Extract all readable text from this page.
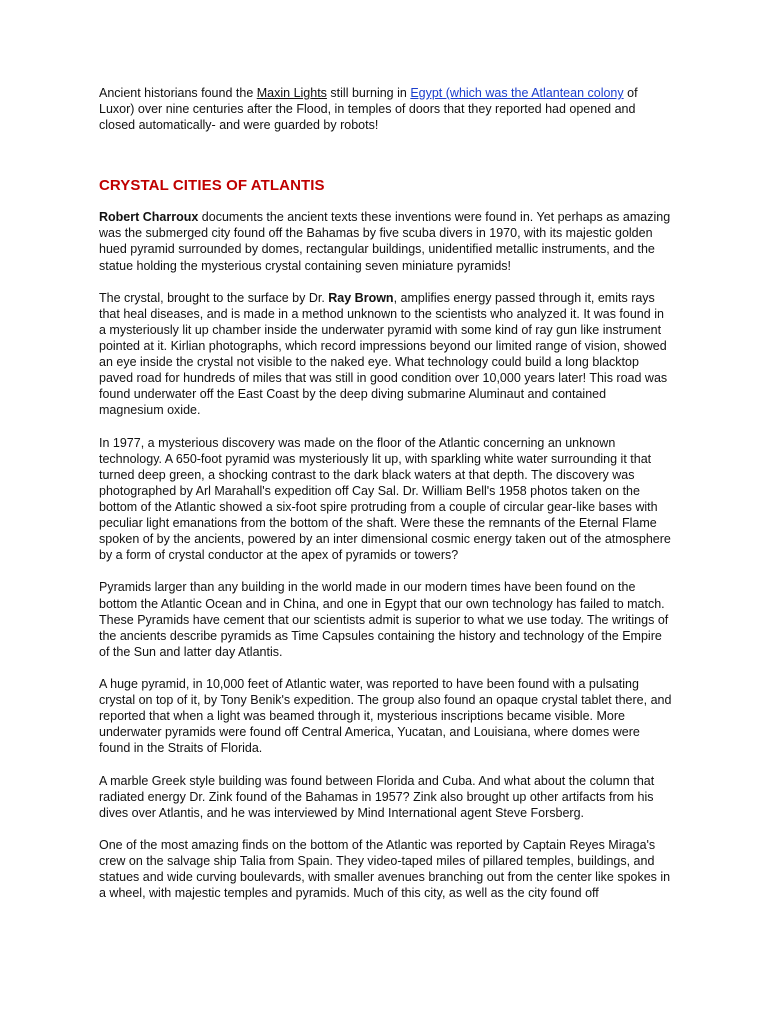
Ancient historians found the Maxin Lights still burning in Egypt (which was the Atlantean colony of Luxor) over nine centuries after the Flood, in temples of doors that they reported had opened and closed automatically- and were guarded by robots!

CRYSTAL CITIES OF ATLANTIS

Robert Charroux documents the ancient texts these inventions were found in. Yet perhaps as amazing was the submerged city found off the Bahamas by five scuba divers in 1970, with its majestic golden hued pyramid surrounded by domes, rectangular buildings, unidentified metallic instruments, and the statue holding the mysterious crystal containing seven miniature pyramids!

The crystal, brought to the surface by Dr. Ray Brown, amplifies energy passed through it, emits rays that heal diseases, and is made in a method unknown to the scientists who analyzed it. It was found in a mysteriously lit up chamber inside the underwater pyramid with some kind of ray gun like instrument pointed at it. Kirlian photographs, which record impressions beyond our limited range of vision, showed an eye inside the crystal not visible to the naked eye. What technology could build a long blacktop paved road for hundreds of miles that was still in good condition over 10,000 years later! This road was found underwater off the East Coast by the deep diving submarine Aluminaut and contained magnesium oxide.

In 1977, a mysterious discovery was made on the floor of the Atlantic concerning an unknown technology. A 650-foot pyramid was mysteriously lit up, with sparkling white water surrounding it that turned deep green, a shocking contrast to the dark black waters at that depth. The discovery was photographed by Arl Marahall's expedition off Cay Sal. Dr. William Bell's 1958 photos taken on the bottom of the Atlantic showed a six-foot spire protruding from a couple of circular gear-like bases with peculiar light emanations from the bottom of the shaft. Were these the remnants of the Eternal Flame spoken of by the ancients, powered by an inter dimensional cosmic energy taken out of the atmosphere by a form of crystal conductor at the apex of pyramids or towers?

Pyramids larger than any building in the world made in our modern times have been found on the bottom the Atlantic Ocean and in China, and one in Egypt that our own technology has failed to match. These Pyramids have cement that our scientists admit is superior to what we use today. The writings of the ancients describe pyramids as Time Capsules containing the history and technology of the Empire of the Sun and latter day Atlantis.

A huge pyramid, in 10,000 feet of Atlantic water, was reported to have been found with a pulsating crystal on top of it, by Tony Benik's expedition. The group also found an opaque crystal tablet there, and reported that when a light was beamed through it, mysterious inscriptions became visible. More underwater pyramids were found off Central America, Yucatan, and Louisiana, where domes were found in the Straits of Florida.

A marble Greek style building was found between Florida and Cuba. And what about the column that radiated energy Dr. Zink found of the Bahamas in 1957? Zink also brought up other artifacts from his dives over Atlantis, and he was interviewed by Mind International agent Steve Forsberg.

One of the most amazing finds on the bottom of the Atlantic was reported by Captain Reyes Miraga's crew on the salvage ship Talia from Spain. They video-taped miles of pillared temples, buildings, and statues and wide curving boulevards, with smaller avenues branching out from the center like spokes in a wheel, with majestic temples and pyramids. Much of this city, as well as the city found off
